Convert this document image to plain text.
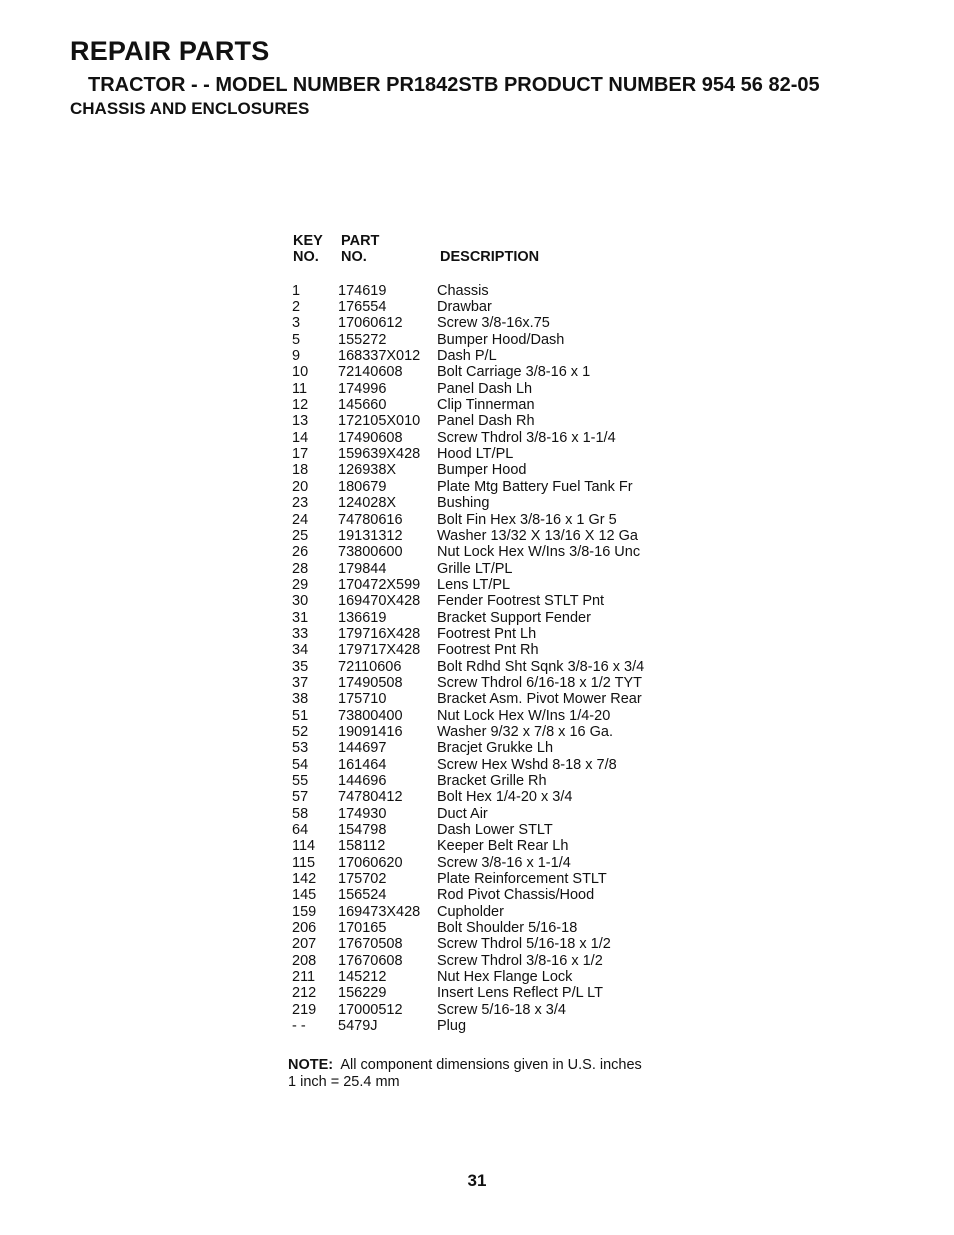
REPAIR PARTS
TRACTOR - - MODEL NUMBER PR1842STB PRODUCT NUMBER 954 56 82-05
CHASSIS AND ENCLOSURES
KEY	PART
NO.	NO.	DESCRIPTION
1	174619	Chassis
2	176554	Drawbar
3	17060612	Screw 3/8-16x.75
5	155272	Bumper Hood/Dash
9	168337X012	Dash P/L
10	72140608	Bolt Carriage 3/8-16 x 1
11	174996	Panel Dash Lh
12	145660	Clip Tinnerman
13	172105X010	Panel Dash Rh
14	17490608	Screw Thdrol 3/8-16 x 1-1/4
17	159639X428	Hood LT/PL
18	126938X	Bumper Hood
20	180679	Plate Mtg Battery Fuel Tank Fr
23	124028X	Bushing
24	74780616	Bolt Fin Hex 3/8-16 x 1 Gr 5
25	19131312	Washer 13/32 X 13/16 X 12 Ga
26	73800600	Nut Lock Hex W/Ins 3/8-16 Unc
28	179844	Grille LT/PL
29	170472X599	Lens LT/PL
30	169470X428	Fender Footrest STLT Pnt
31	136619	Bracket Support Fender
33	179716X428	Footrest Pnt Lh
34	179717X428	Footrest Pnt Rh
35	72110606	Bolt Rdhd Sht Sqnk 3/8-16 x 3/4
37	17490508	Screw Thdrol 6/16-18 x 1/2 TYT
38	175710	Bracket Asm. Pivot Mower Rear
51	73800400	Nut Lock Hex W/Ins 1/4-20
52	19091416	Washer 9/32 x 7/8 x 16 Ga.
53	144697	Bracjet Grukke Lh
54	161464	Screw Hex Wshd 8-18 x 7/8
55	144696	Bracket Grille Rh
57	74780412	Bolt Hex 1/4-20 x 3/4
58	174930	Duct Air
64	154798	Dash Lower STLT
114	158112	Keeper Belt Rear Lh
115	17060620	Screw 3/8-16 x 1-1/4
142	175702	Plate Reinforcement STLT
145	156524	Rod Pivot Chassis/Hood
159	169473X428	Cupholder
206	170165	Bolt Shoulder 5/16-18
207	17670508	Screw Thdrol 5/16-18 x 1/2
208	17670608	Screw Thdrol 3/8-16 x 1/2
211	145212	Nut Hex Flange Lock
212	156229	Insert Lens Reflect P/L LT
219	17000512	Screw 5/16-18 x 3/4
- -	5479J	Plug
NOTE: All component dimensions given in U.S. inches
1 inch = 25.4 mm
31
